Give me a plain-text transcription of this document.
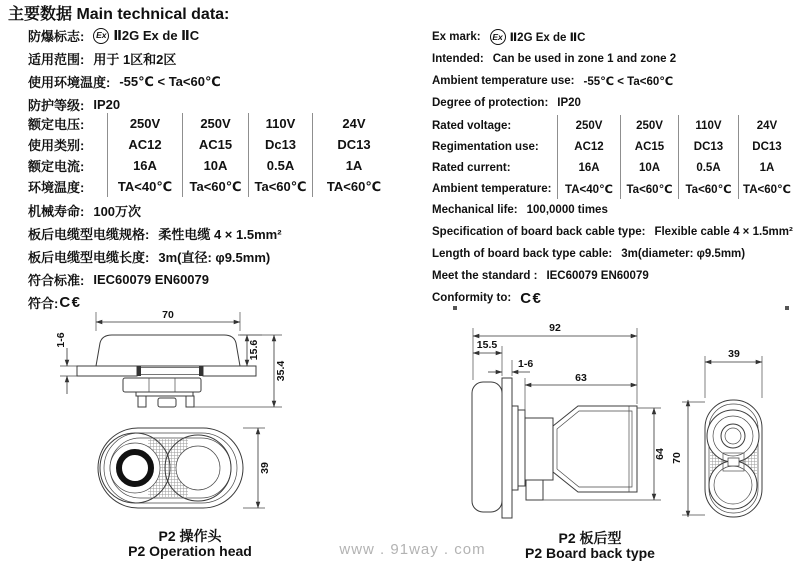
主要数据 Main technical data:
防爆标志:	Ex Ⅱ2G Ex de ⅡC
适用范围: 用于 1区和2区
使用环境温度: -55℃ < Ta<60℃
防护等级: IP20
额定电压:	250V	250V	110V	24V
使用类别:	AC12	AC15	Dc13	DC13
额定电流:	16A	10A	0.5A	1A
环境温度:	TA<40℃	Ta<60℃	Ta<60℃	TA<60℃
机械寿命: 100万次
板后电缆型电缆规格: 柔性电缆 4 × 1.5mm²
板后电缆型电缆长度: 3m(直径: φ9.5mm)
符合标准: IEC60079 EN60079
符合: C€
Ex mark:	Ex Ⅱ2G Ex de ⅡC
Intended: Can be used in zone 1 and zone 2
Ambient temperature use: -55℃ < Ta<60℃
Degree of protection: IP20
Rated voltage:	250V	250V	110V	24V
Regimentation use:	AC12	AC15	DC13	DC13
Rated current:	16A	10A	0.5A	1A
Ambient temperature:	TA<40℃	Ta<60℃	Ta<60℃	TA<60℃
Mechanical life: 100,0000 times
Specification of board back cable type: Flexible cable 4 × 1.5mm²
Length of board back type cable: 3m(diameter: φ9.5mm)
Meet the standard : IEC60079 EN60079
Conformity to: C€
70
15.6
35.4
1-6
39
92
15.5
1-6
63
64
39
70
P2 操作头
P2 Operation head
P2 板后型
P2 Board back type
www . 91way . com
